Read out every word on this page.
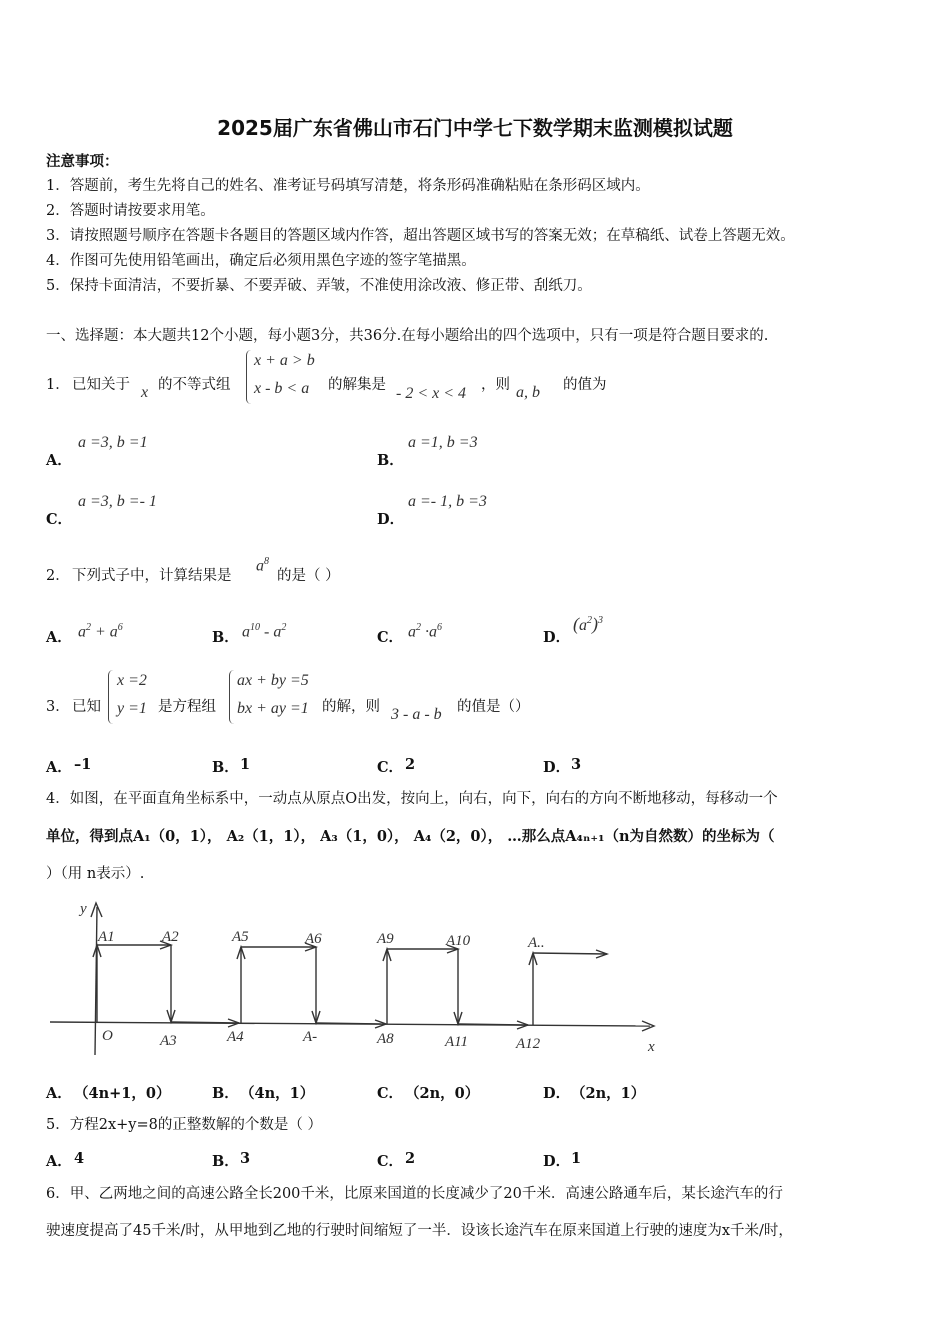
2025届广东省佛山市石门中学七下数学期末监测模拟试题
注意事项：
1．答题前，考生先将自己的姓名、准考证号码填写清楚，将条形码准确粘贴在条形码区域内。
2．答题时请按要求用笔。
3．请按照题号顺序在答题卡各题目的答题区域内作答，超出答题区域书写的答案无效；在草稿纸、试卷上答题无效。
4．作图可先使用铅笔画出，确定后必须用黑色字迹的签字笔描黑。
5．保持卡面清洁，不要折暴、不要弄破、弄皱，不准使用涂改液、修正带、刮纸刀。
一、选择题：本大题共12个小题，每小题3分，共36分.在每小题给出的四个选项中，只有一项是符合题目要求的.
1． 已知关于 x 的不等式组
x + a > b
x - b < a 的解集是 - 2 < x < 4 ，则 a, b 的值为
A．
a =3, b =1
B．
a =1, b =3
C．
a =3, b =- 1
D．
a =- 1, b =3
2． 下列式子中，计算结果是
$a^8$
的是（ ）
A． $a^2 + a^6$
B． $a^{10} - a^2$
C． $a^2 \cdot a^6$
D．
$(a^2)^3$
3． 已知
x =2
y =1 是方程组
ax + by =5
bx + ay =1 的解，则 3 - a - b 的值是（）
A． –1	B． 1	C． 2	D． 3
4．如图，在平面直角坐标系中，一动点从原点O出发，按向上，向右，向下，向右的方向不断地移动，每移动一个
单位，得到点A₁（0，1）， A₂（1，1）， A₃（1，0）， A₄（2，0）， …那么点A₄ₙ₊₁（n为自然数）的坐标为（
）（用 n表示）.
y
A1	A2	A5	A6	A9	A10	A..
O	A3	A4	A-	A8	A11	A12	x
A． （4n+1，0）	B． （4n，1）	C． （2n，0）	D． （2n，1）
5．方程2x+y=8的正整数解的个数是（ ）
A． 4	B． 3	C． 2	D． 1
6．甲、乙两地之间的高速公路全长200千米，比原来国道的长度减少了20千米．高速公路通车后，某长途汽车的行
驶速度提高了45千米/时，从甲地到乙地的行驶时间缩短了一半．设该长途汽车在原来国道上行驶的速度为x千米/时，
